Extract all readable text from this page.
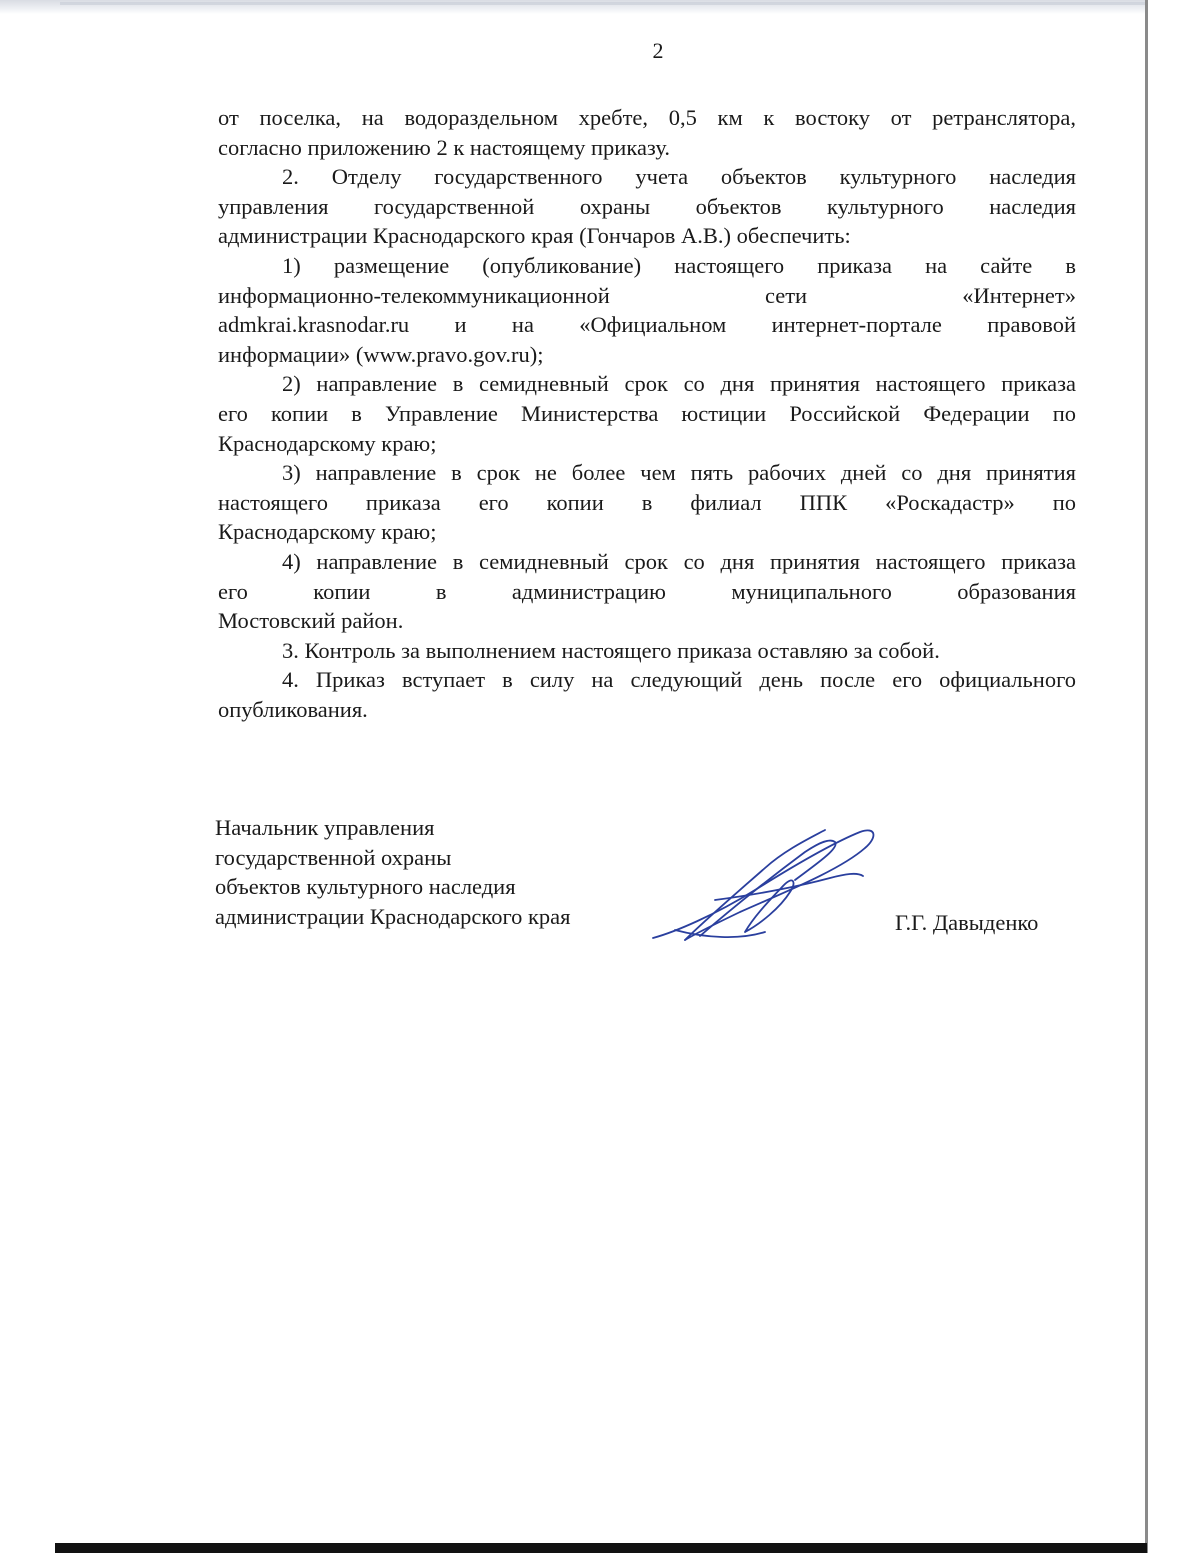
2
от поселка, на водораздельном хребте, 0,5 км к востоку от ретранслятора,
согласно приложению 2 к настоящему приказу.
2. Отделу государственного учета объектов культурного наследия
управления государственной охраны объектов культурного наследия
администрации Краснодарского края (Гончаров А.В.) обеспечить:
1) размещение (опубликование) настоящего приказа на сайте в
информационно-телекоммуникационной сети «Интернет»
admkrai.krasnodar.ru и на «Официальном интернет-портале правовой
информации» (www.pravo.gov.ru);
2) направление в семидневный срок со дня принятия настоящего приказа
его копии в Управление Министерства юстиции Российской Федерации по
Краснодарскому краю;
3) направление в срок не более чем пять рабочих дней со дня принятия
настоящего приказа его копии в филиал ППК «Роскадастр» по
Краснодарскому краю;
4) направление в семидневный срок со дня принятия настоящего приказа
его копии в администрацию муниципального образования
Мостовский район.
3. Контроль за выполнением настоящего приказа оставляю за собой.
4. Приказ вступает в силу на следующий день после его официального
опубликования.
Начальник управления
государственной охраны
объектов культурного наследия
администрации Краснодарского края	Г.Г. Давыденко
